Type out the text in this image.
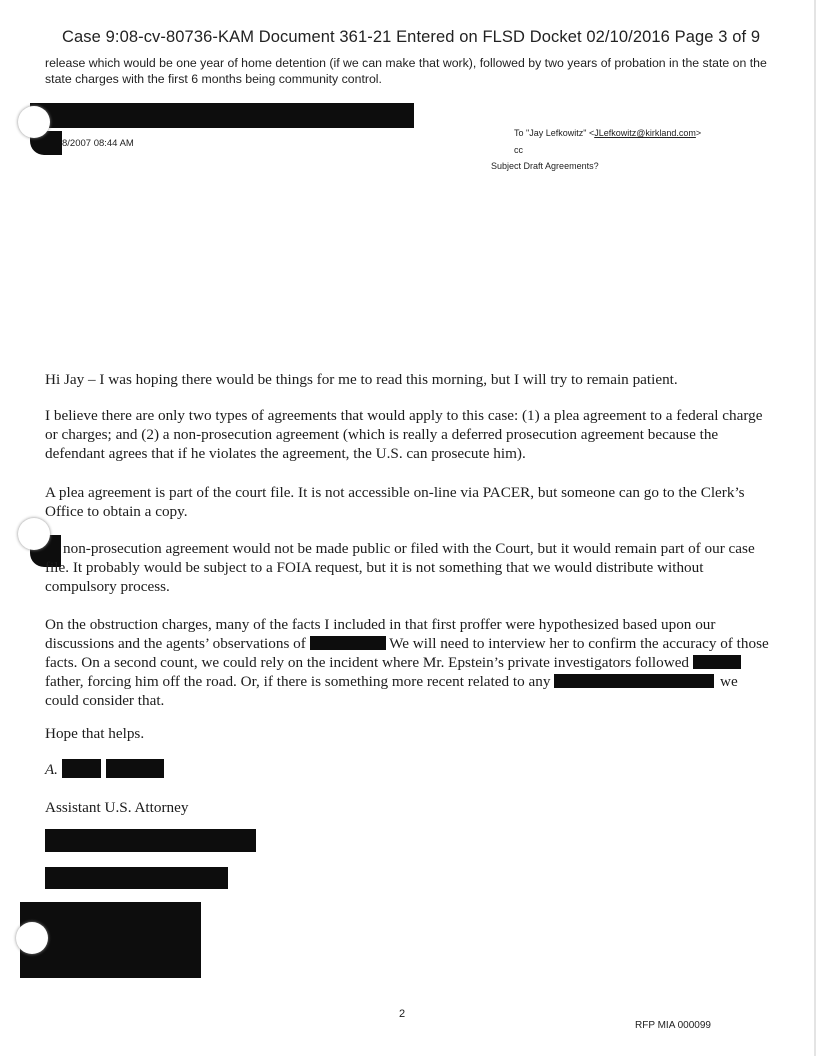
Case 9:08-cv-80736-KAM Document 361-21 Entered on FLSD Docket 02/10/2016 Page 3 of 9
release which would be one year of home detention (if we can make that work), followed by two years of probation in the state on the state charges with the first 6 months being community control.
8/2007 08:44 AM
To "Jay Lefkowitz" <JLefkowitz@kirkland.com>
cc
Subject Draft Agreements?
Hi Jay – I was hoping there would be things for me to read this morning, but I will try to remain patient.
I believe there are only two types of agreements that would apply to this case: (1) a plea agreement to a federal charge or charges; and (2) a non-prosecution agreement (which is really a deferred prosecution agreement because the defendant agrees that if he violates the agreement, the U.S. can prosecute him).
A plea agreement is part of the court file. It is not accessible on-line via PACER, but someone can go to the Clerk’s Office to obtain a copy.
non-prosecution agreement would not be made public or filed with the Court, but it would remain part of our case file. It probably would be subject to a FOIA request, but it is not something that we would distribute without compulsory process.
On the obstruction charges, many of the facts I included in that first proffer were hypothesized based upon our discussions and the agents’ observations of	We will need to interview her to confirm the accuracy of those facts. On a second count, we could rely on the incident where Mr. Epstein’s private investigators followed father, forcing him off the road. Or, if there is something more recent related to any	we could consider that.
Hope that helps.
A.
Assistant U.S. Attorney
2
RFP MIA 000099
